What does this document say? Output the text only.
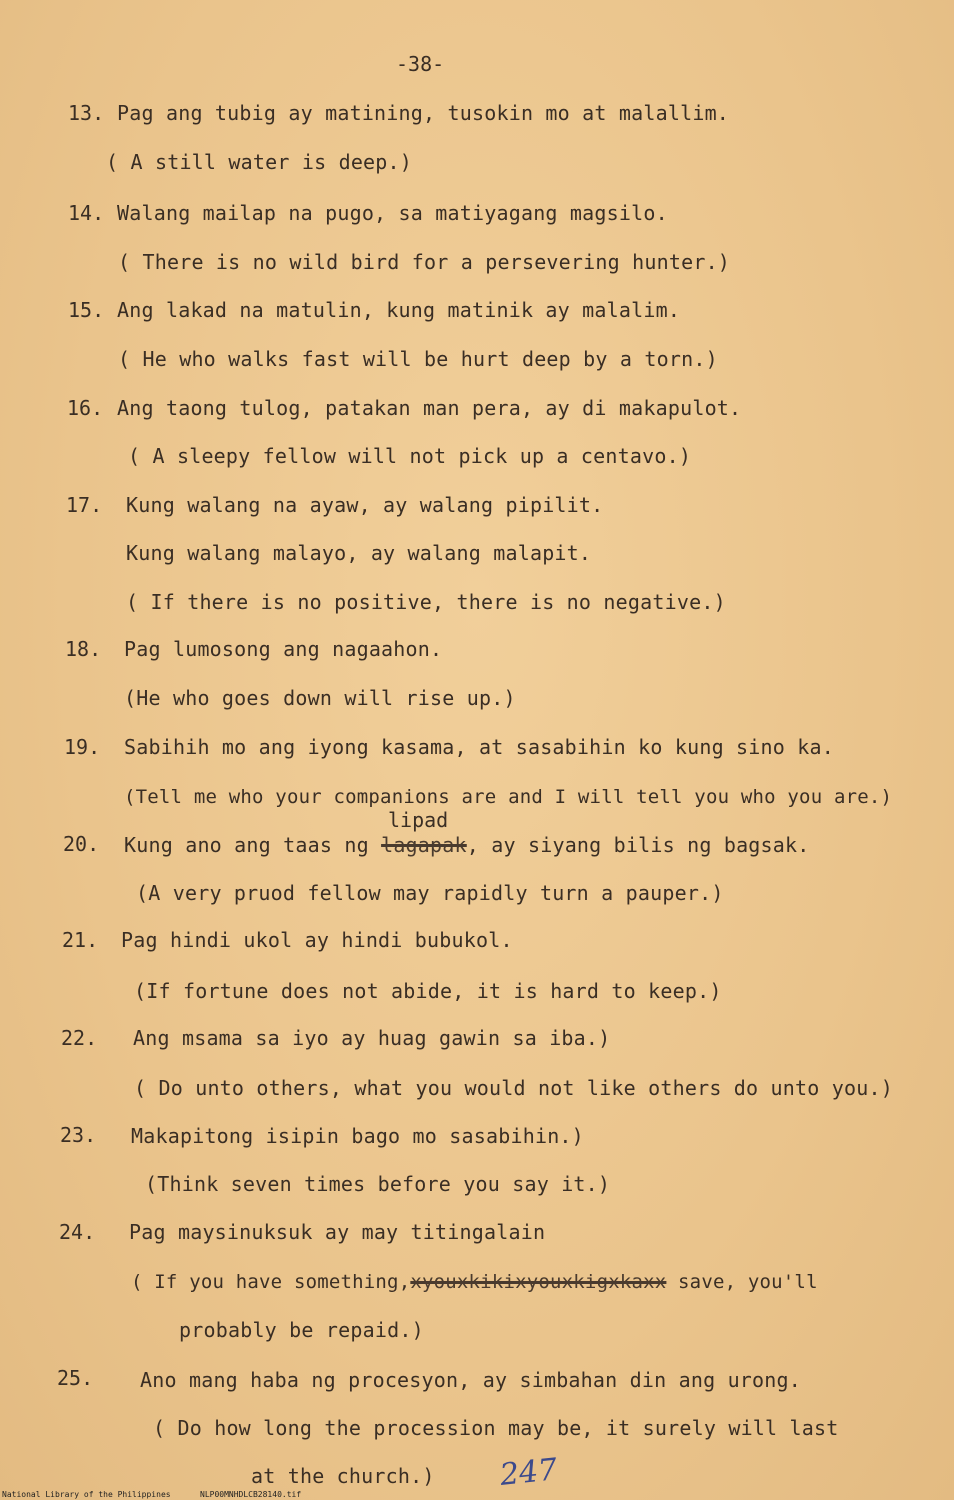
-38-
13. Pag ang tubig ay matining, tusokin mo at malallim.
( A still water is deep.)
14. Walang mailap na pugo, sa matiyagang magsilo.
( There is no wild bird for a persevering hunter.)
15. Ang lakad na matulin, kung matinik ay malalim.
( He who walks fast will be hurt deep by a torn.)
16. Ang taong tulog, patakan man pera, ay di makapulot.
( A sleepy fellow will not pick up a centavo.)
17. Kung walang na ayaw, ay walang pipilit.
Kung walang malayo, ay walang malapit.
( If there is no positive, there is no negative.)
18. Pag lumosong ang nagaahon.
(He who goes down will rise up.)
19. Sabihih mo ang iyong kasama, at sasabihin ko kung sino ka.
(Tell me who your companions are and I will tell you who you are.)
lipad
20. Kung ano ang taas ng lagapak, ay siyang bilis ng bagsak.
(A very pruod fellow may rapidly turn a pauper.)
21. Pag hindi ukol ay hindi bubukol.
(If fortune does not abide, it is hard to keep.)
22. Ang msama sa iyo ay huag gawin sa iba.)
( Do unto others, what you would not like others do unto you.)
23. Makapitong isipin bago mo sasabihin.)
(Think seven times before you say it.)
24. Pag maysinuksuk ay may titingalain
( If you have something,xyouxkikixyouxkigxkaxx save, you'll
probably be repaid.)
25. Ano mang haba ng procesyon, ay simbahan din ang urong.
( Do how long the procession may be, it surely will last
at the church.) 247
National Library of the Philippines	NLP00MNHDLCB28140.tif
